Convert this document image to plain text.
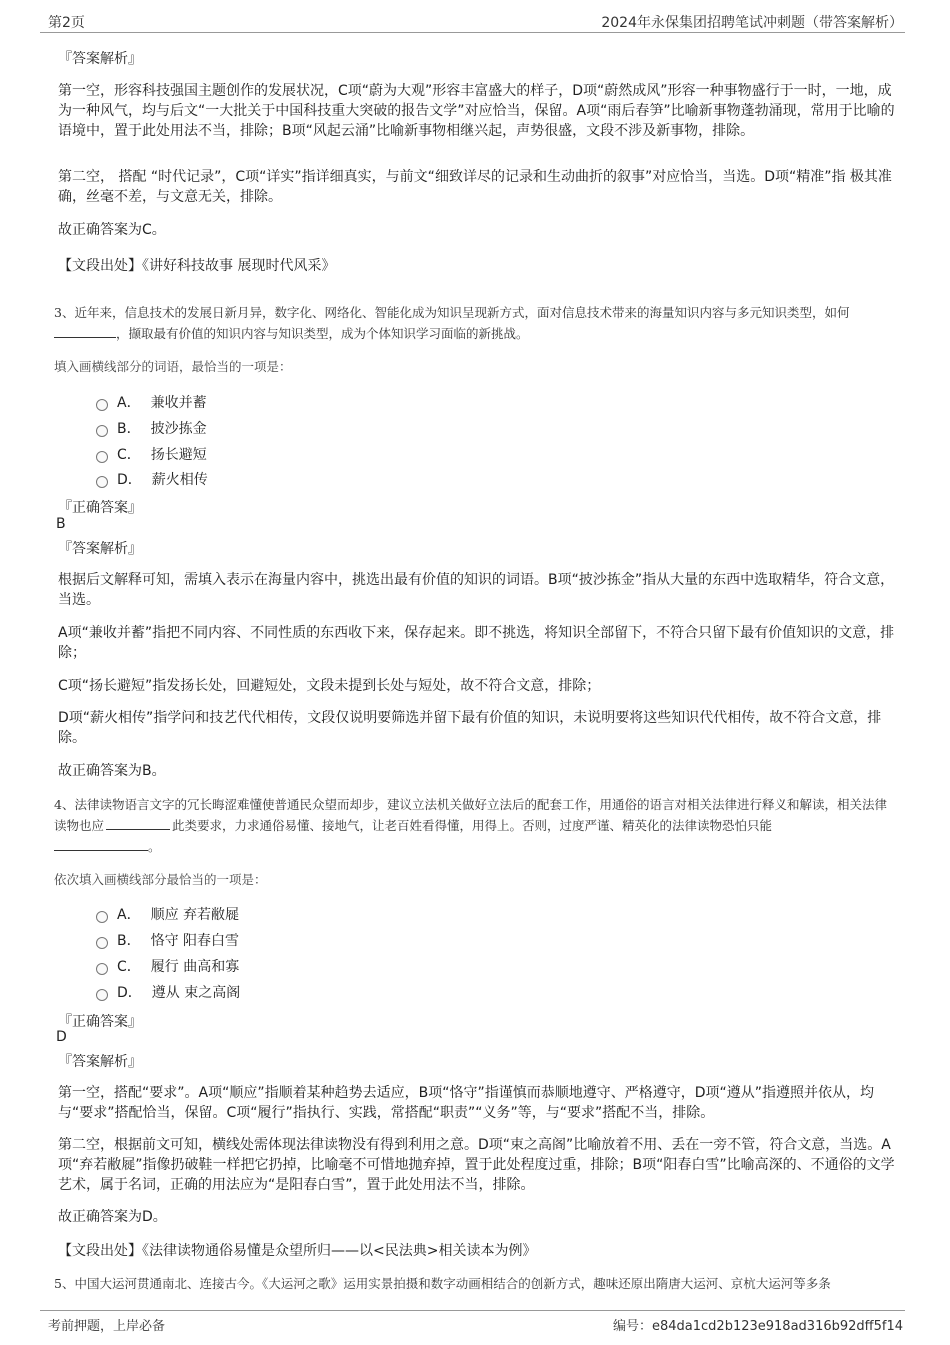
第2页	2024年永保集团招聘笔试冲刺题（带答案解析）
『答案解析』

第一空，形容科技强国主题创作的发展状况，C项“蔚为大观”形容丰富盛大的样子，D项“蔚然成风”形容一种事物盛行于一时，一地，成为一种风气，均与后文“一大批关于中国科技重大突破的报告文学”对应恰当，保留。A项“雨后春笋”比喻新事物蓬勃涌现，常用于比喻的语境中，置于此处用法不当，排除；B项“风起云涌”比喻新事物相继兴起，声势很盛，文段不涉及新事物，排除。

第二空， 搭配 “时代记录”，C项“详实”指详细真实，与前文“细致详尽的记录和生动曲折的叙事”对应恰当，当选。D项“精准”指 极其准确，丝毫不差，与文意无关，排除。

故正确答案为C。
【文段出处】《讲好科技故事 展现时代风采》

3、近年来，信息技术的发展日新月异，数字化、网络化、智能化成为知识呈现新方式，面对信息技术带来的海量知识内容与多元知识类型，如何，撷取最有价值的知识内容与知识类型，成为个体知识学习面临的新挑战。

填入画横线部分的词语，最恰当的一项是：
A． 兼收并蓄
B． 披沙拣金
C． 扬长避短
D． 薪火相传
『正确答案』
B
『答案解析』

根据后文解释可知，需填入表示在海量内容中，挑选出最有价值的知识的词语。B项“披沙拣金”指从大量的东西中选取精华，符合文意，当选。

A项“兼收并蓄”指把不同内容、不同性质的东西收下来，保存起来。即不挑选，将知识全部留下，不符合只留下最有价值知识的文意，排除；

C项“扬长避短”指发扬长处，回避短处，文段未提到长处与短处，故不符合文意，排除；

D项“薪火相传”指学问和技艺代代相传，文段仅说明要筛选并留下最有价值的知识，未说明要将这些知识代代相传，故不符合文意，排除。

故正确答案为B。

4、法律读物语言文字的冗长晦涩难懂使普通民众望而却步，建议立法机关做好立法后的配套工作，用通俗的语言对相关法律进行释义和解读，相关法律读物也应	此类要求，力求通俗易懂、接地气，让老百姓看得懂，用得上。否则，过度严谨、精英化的法律读物恐怕只能
。

依次填入画横线部分最恰当的一项是：
A． 顺应 弃若敝屣
B． 恪守 阳春白雪
C． 履行 曲高和寡
D． 遵从 束之高阁
『正确答案』
D
『答案解析』

第一空，搭配“要求”。A项“顺应”指顺着某种趋势去适应，B项“恪守”指谨慎而恭顺地遵守、严格遵守，D项“遵从”指遵照并依从，均与“要求”搭配恰当，保留。C项“履行”指执行、实践，常搭配“职责”“义务”等，与“要求”搭配不当，排除。

第二空，根据前文可知，横线处需体现法律读物没有得到利用之意。D项“束之高阁”比喻放着不用、丢在一旁不管，符合文意，当选。A项“弃若敝屣”指像扔破鞋一样把它扔掉，比喻毫不可惜地抛弃掉，置于此处程度过重，排除；B项“阳春白雪”比喻高深的、不通俗的文学艺术，属于名词，正确的用法应为“是阳春白雪”，置于此处用法不当，排除。

故正确答案为D。
【文段出处】《法律读物通俗易懂是众望所归——以<民法典>相关读本为例》
5、中国大运河贯通南北、连接古今。《大运河之歌》运用实景拍摄和数字动画相结合的创新方式，趣味还原出隋唐大运河、京杭大运河等多条
考前押题，上岸必备	编号：e84da1cd2b123e918ad316b92dff5f14
